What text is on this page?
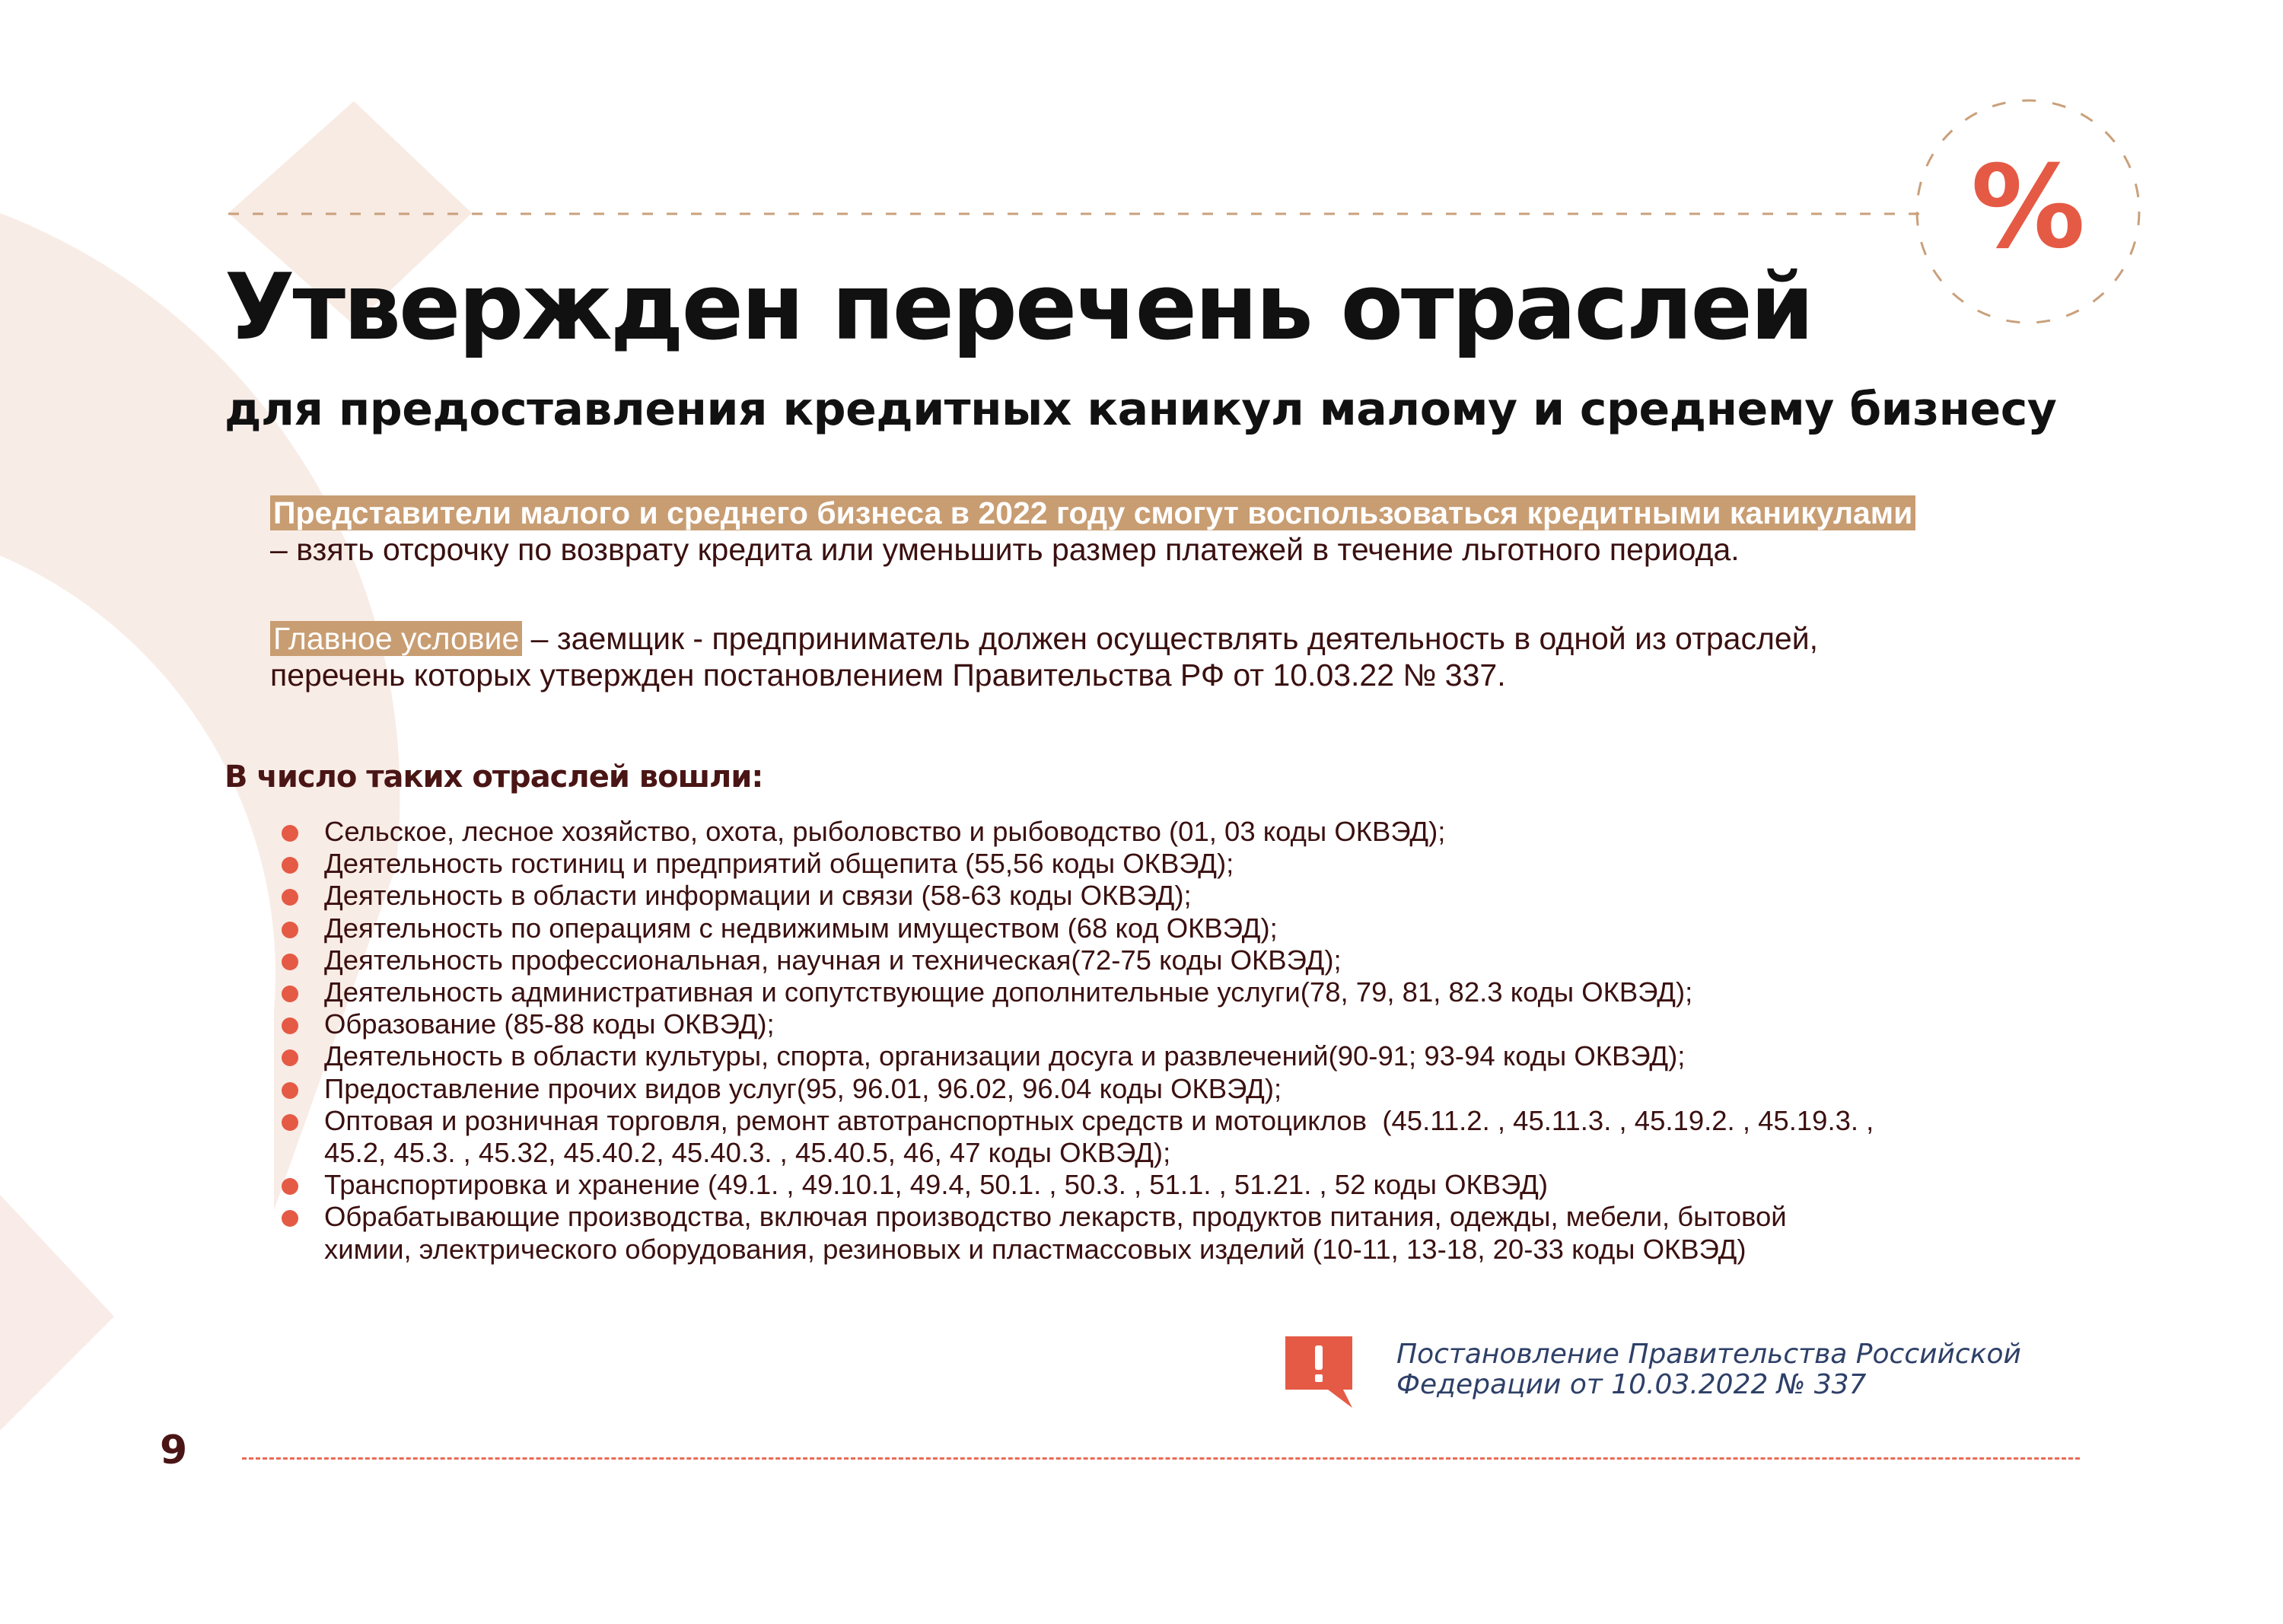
%
Утвержден перечень отраслей
для предоставления кредитных каникул малому и среднему бизнесу

Представители малого и среднего бизнеса в 2022 году смогут воспользоваться кредитными каникулами
– взять отсрочку по возврату кредита или уменьшить размер платежей в течение льготного периода.

Главное условие – заемщик - предприниматель должен осуществлять деятельность в одной из отраслей,
перечень которых утвержден постановлением Правительства РФ от 10.03.22 № 337.

В число таких отраслей вошли:
Сельское, лесное хозяйство, охота, рыболовство и рыбоводство (01, 03 коды ОКВЭД);
Деятельность гостиниц и предприятий общепита (55,56 коды ОКВЭД);
Деятельность в области информации и связи (58-63 коды ОКВЭД);
Деятельность по операциям с недвижимым имуществом (68 код ОКВЭД);
Деятельность профессиональная, научная и техническая(72-75 коды ОКВЭД);
Деятельность административная и сопутствующие дополнительные услуги(78, 79, 81, 82.3 коды ОКВЭД);
Образование (85-88 коды ОКВЭД);
Деятельность в области культуры, спорта, организации досуга и развлечений(90-91; 93-94 коды ОКВЭД);
Предоставление прочих видов услуг(95, 96.01, 96.02, 96.04 коды ОКВЭД);
Оптовая и розничная торговля, ремонт автотранспортных средств и мотоциклов  (45.11.2. , 45.11.3. , 45.19.2. , 45.19.3. ,
45.2, 45.3. , 45.32, 45.40.2, 45.40.3. , 45.40.5, 46, 47 коды ОКВЭД);
Транспортировка и хранение (49.1. , 49.10.1, 49.4, 50.1. , 50.3. , 51.1. , 51.21. , 52 коды ОКВЭД)
Обрабатывающие производства, включая производство лекарств, продуктов питания, одежды, мебели, бытовой
химии, электрического оборудования, резиновых и пластмассовых изделий (10-11, 13-18, 20-33 коды ОКВЭД)

Постановление Правительства Российской
Федерации от 10.03.2022 № 337

9
